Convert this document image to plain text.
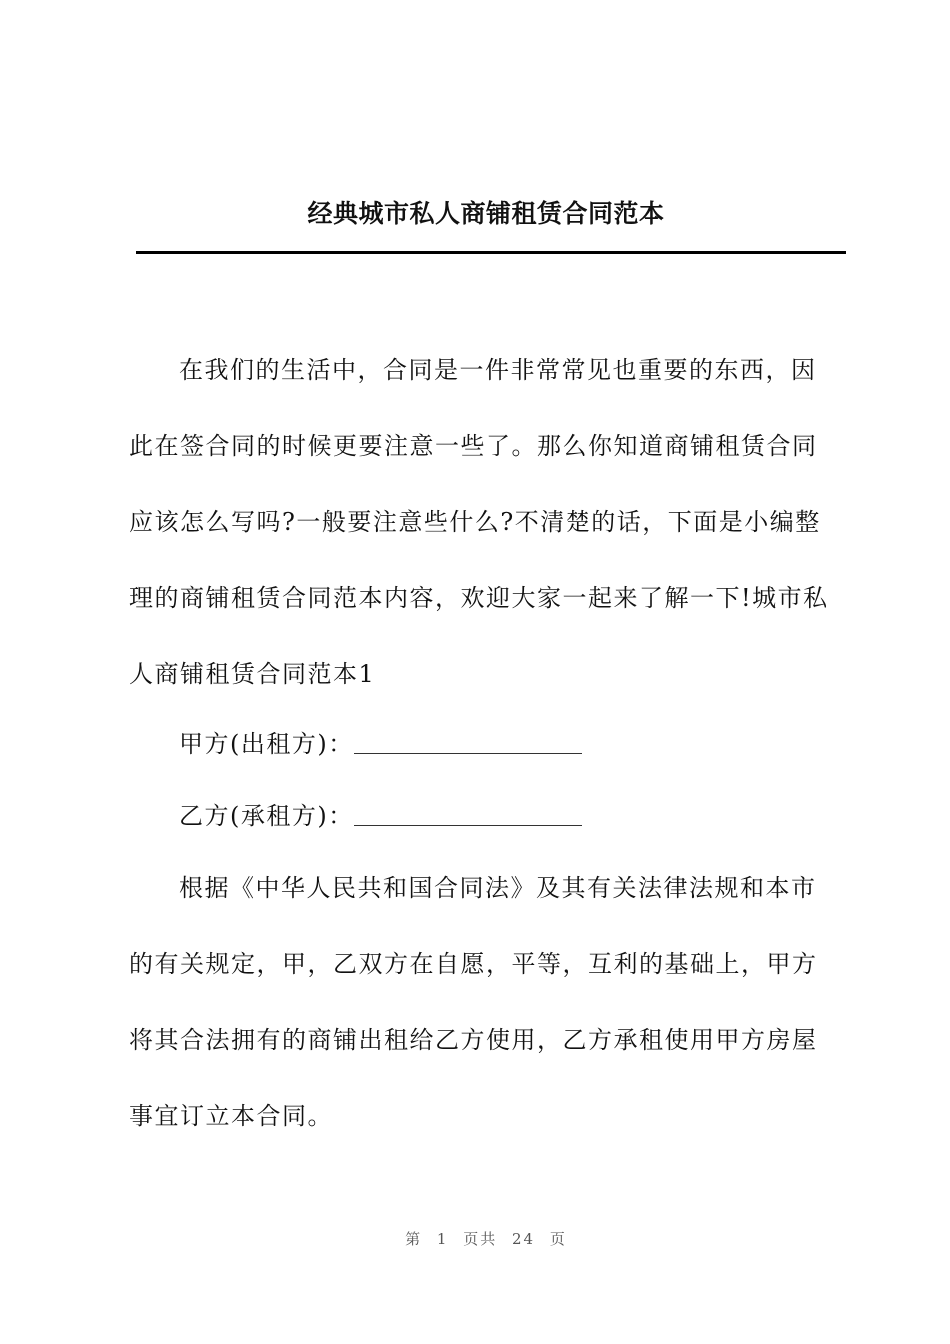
经典城市私人商铺租赁合同范本
在我们的生活中，合同是一件非常常见也重要的东西，因此在签合同的时候更要注意一些了。那么你知道商铺租赁合同应该怎么写吗?一般要注意些什么?不清楚的话，下面是小编整理的商铺租赁合同范本内容，欢迎大家一起来了解一下!城市私人商铺租赁合同范本1
甲方(出租方)：
乙方(承租方)：
根据《中华人民共和国合同法》及其有关法律法规和本市的有关规定，甲，乙双方在自愿，平等，互利的基础上，甲方将其合法拥有的商铺出租给乙方使用，乙方承租使用甲方房屋事宜订立本合同。
第 1 页共 24 页
